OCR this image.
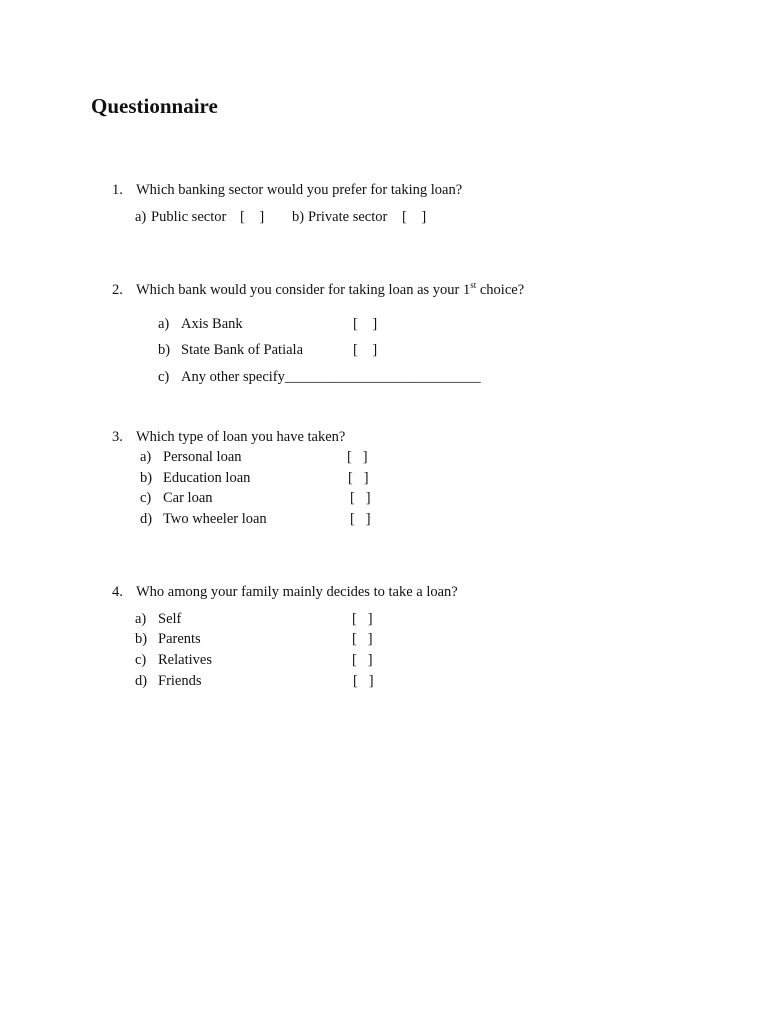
Questionnaire
1. Which banking sector would you prefer for taking loan?
a) Public sector [    ] b) Private sector [    ]
2. Which bank would you consider for taking loan as your 1st choice?
a) Axis Bank	[    ]
b) State Bank of Patiala	[    ]
c) Any other specify___________________________
3. Which type of loan you have taken?
a) Personal loan	[   ]
b) Education loan	[   ]
c) Car loan	[   ]
d) Two wheeler loan	[   ]
4. Who among your family mainly decides to take a loan?
a) Self	[   ]
b) Parents	[   ]
c) Relatives	[   ]
d) Friends	[   ]
